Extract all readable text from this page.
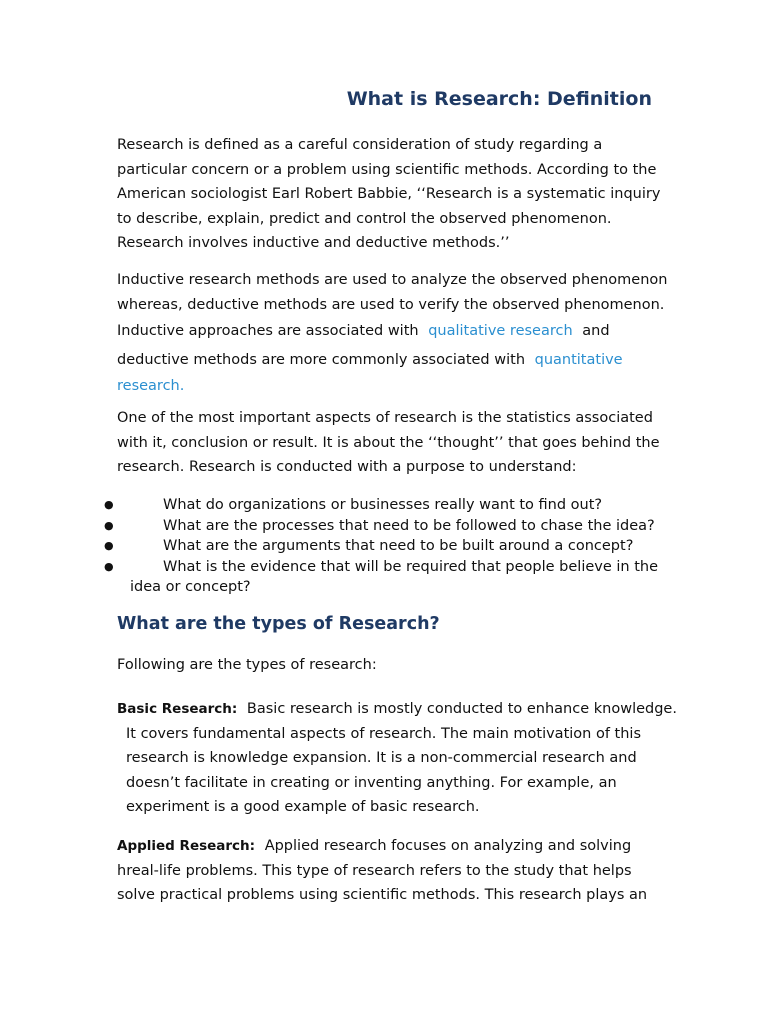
What is Research: Definition

Research is defined as a careful consideration of study regarding a
particular concern or a problem using scientific methods. According to the
American sociologist Earl Robert Babbie, ‘‘Research is a systematic inquiry
to describe, explain, predict and control the observed phenomenon.
Research involves inductive and deductive methods.’’

Inductive research methods are used to analyze the observed phenomenon
whereas, deductive methods are used to verify the observed phenomenon.
Inductive approaches are associated with qualitative research and
deductive methods are more commonly associated with quantitative
research.

One of the most important aspects of research is the statistics associated
with it, conclusion or result. It is about the ‘‘thought’’ that goes behind the
research. Research is conducted with a purpose to understand:

●	What do organizations or businesses really want to find out?
●	What are the processes that need to be followed to chase the idea?
●	What are the arguments that need to be built around a concept?
●	What is the evidence that will be required that people believe in the
idea or concept?
What are the types of Research?

Following are the types of research:

Basic Research: Basic research is mostly conducted to enhance knowledge.
It covers fundamental aspects of research. The main motivation of this
research is knowledge expansion. It is a non-commercial research and
doesn’t facilitate in creating or inventing anything. For example, an
experiment is a good example of basic research.

Applied Research: Applied research focuses on analyzing and solving
hreal-life problems. This type of research refers to the study that helps
solve practical problems using scientific methods. This research plays an
